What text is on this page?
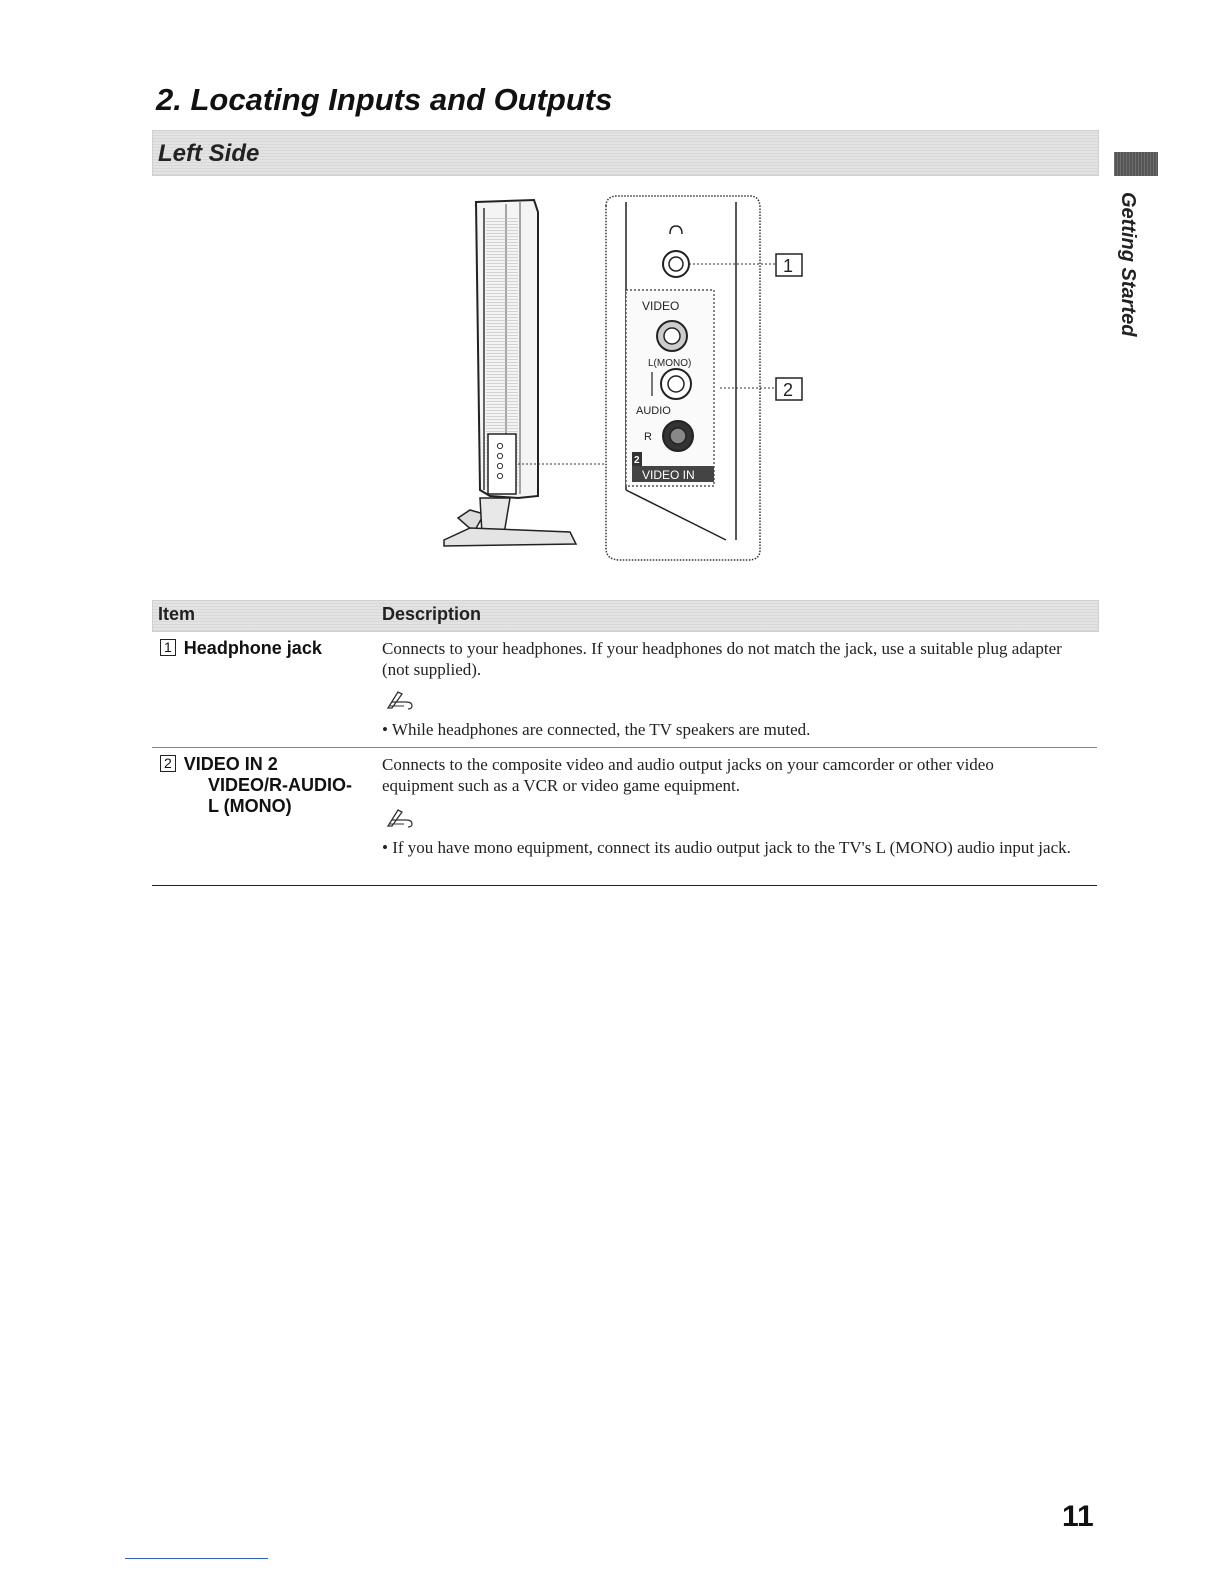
2. Locating Inputs and Outputs
Left Side
Getting Started
VIDEO
L(MONO)
AUDIO
R
2
VIDEO IN
1
2
Item	Description
1 Headphone jack	Connects to your headphones. If your headphones do not match the jack, use a suitable plug adapter (not supplied).
• While headphones are connected, the TV speakers are muted.
2 VIDEO IN 2
VIDEO/R-AUDIO-
L (MONO)
Connects to the composite video and audio output jacks on your camcorder or other video equipment such as a VCR or video game equipment.
• If you have mono equipment, connect its audio output jack to the TV's L (MONO) audio input jack.
11
